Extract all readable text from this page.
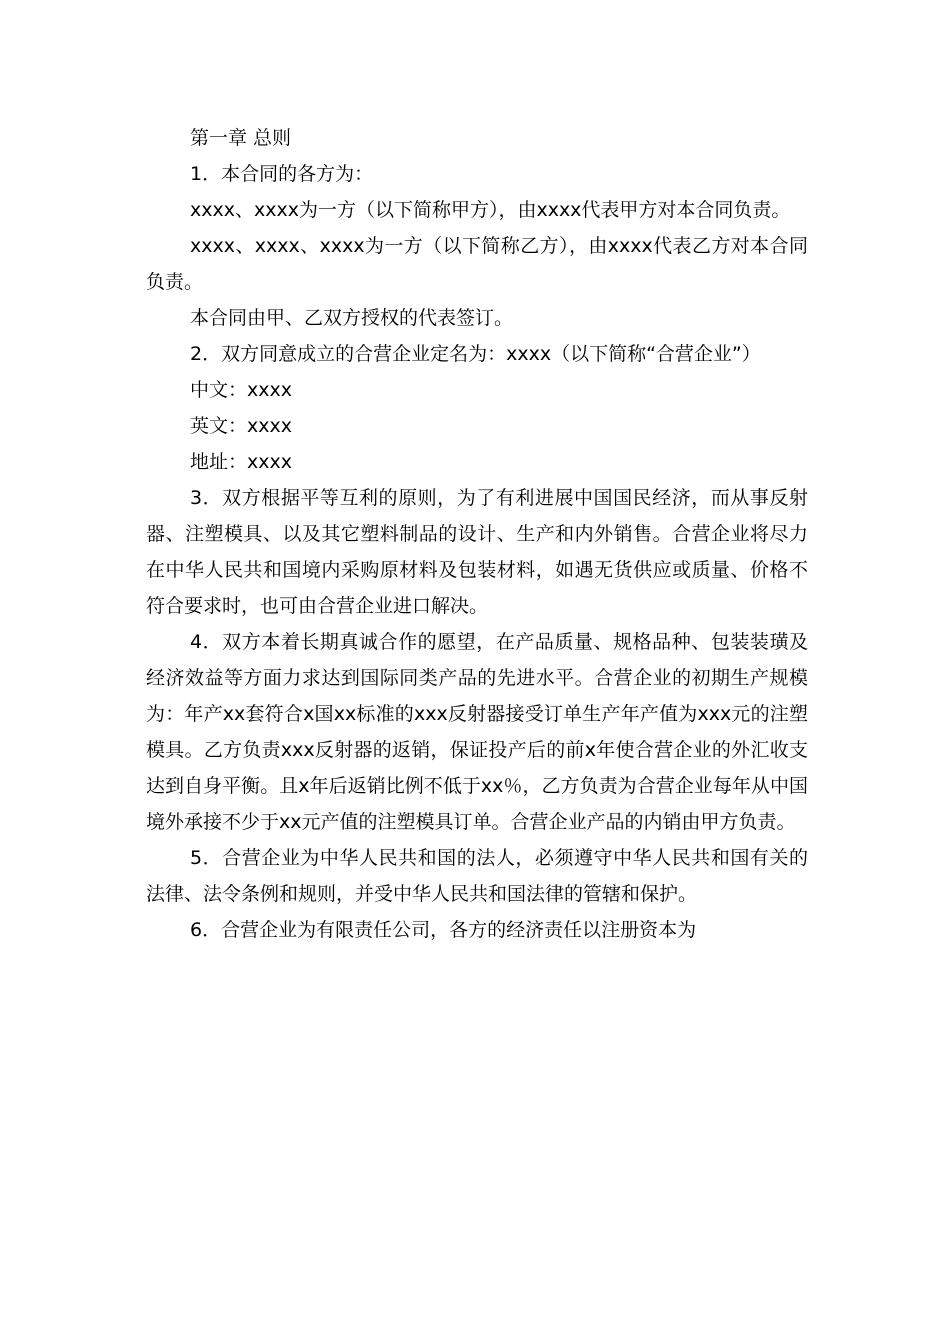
第一章 总则

1．本合同的各方为：

xxxx、xxxx为一方（以下简称甲方），由xxxx代表甲方对本合同负责。

xxxx、xxxx、xxxx为一方（以下简称乙方），由xxxx代表乙方对本合同负责。

本合同由甲、乙双方授权的代表签订。

2．双方同意成立的合营企业定名为：xxxx（以下简称“合营企业”）

中文：xxxx

英文：xxxx

地址：xxxx

3．双方根据平等互利的原则，为了有利进展中国国民经济，而从事反射器、注塑模具、以及其它塑料制品的设计、生产和内外销售。合营企业将尽力在中华人民共和国境内采购原材料及包装材料，如遇无货供应或质量、价格不符合要求时，也可由合营企业进口解决。

4．双方本着长期真诚合作的愿望，在产品质量、规格品种、包装装璜及经济效益等方面力求达到国际同类产品的先进水平。合营企业的初期生产规模为：年产xx套符合x国xx标准的xxx反射器接受订单生产年产值为xxx元的注塑模具。乙方负责xxx反射器的返销，保证投产后的前x年使合营企业的外汇收支达到自身平衡。且x年后返销比例不低于xx％，乙方负责为合营企业每年从中国境外承接不少于xx元产值的注塑模具订单。合营企业产品的内销由甲方负责。

5．合营企业为中华人民共和国的法人，必须遵守中华人民共和国有关的法律、法令条例和规则，并受中华人民共和国法律的管辖和保护。

6．合营企业为有限责任公司，各方的经济责任以注册资本为
